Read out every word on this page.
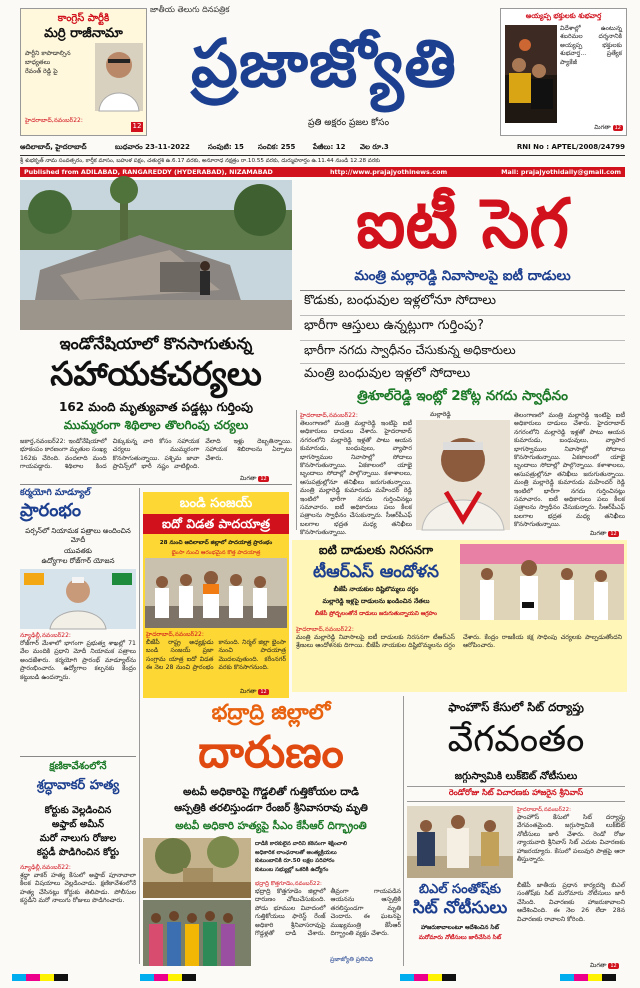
కాంగ్రెస్ పార్టీకి
మర్రి రాజీనామా
పార్టీని కాపాడాల్సిన
బాధ్యతలు
రేవంత్ రెడ్డి పై
హైదరాబాద్,నవంబర్22:
12
జాతీయ తెలుగు దినపత్రిక
ప్రజాజ్యోతి
ప్రతి అక్షరం ప్రజల కోసం
అయ్యప్ప భక్తులకు శుభవార్త
విదేశాల్లో ఉంటున్న శబరిమల దర్శనానికి అయ్యప్ప భక్తులకు శుభవార్త... ప్రత్యేక ప్యాకేజీ
మిగతా 12
ఆదిలాబాద్, హైదరాబాద్	బుధవారం 23-11-2022	సంపుటి: 15 సంచిక: 255	పేజీలు: 12 వెల రూ.3	RNI No : APTEL/2008/24799
శ్రీ శుభకృత్ నామ సంవత్సరం, కార్తీక మాసం, బహుళ పక్షం, చతుర్దశి ఉ.6.17 వరకు, అనూరాధ నక్షత్రం రా.10.55 వరకు, దుర్ముహూర్తం ఉ.11.44 నుండి 12.28 వరకు
Published from ADILABAD, RANGAREDDY (HYDERABAD), NIZAMABAD	http://www.prajajyothinews.com	Mail: prajajyothidaily@gmail.com
ఐటీ సెగ
మంత్రి మల్లారెడ్డి నివాసాలపై ఐటీ దాడులు
కొడుకు, బంధువుల ఇళ్లలోనూ సోదాలు
భారీగా ఆస్తులు ఉన్నట్లుగా గుర్తింపు?
భారీగా నగదు స్వాధీనం చేసుకున్న అధికారులు
మంత్రి బంధువుల ఇళ్లలో సోదాలు
త్రిశూల్‌రెడ్డి ఇంట్లో 2కోట్ల నగదు స్వాధీనం
ఇండోనేషియాలో కొనసాగుతున్న
సహాయకచర్యలు
162 మంది మృత్యువాత పడ్డట్లు గుర్తింపు
ముమ్మరంగా శిథిలాల తొలగింపు చర్యలు
జకార్త,నవంబర్22: ఇండోనేషియాలో భూకంపం కారణంగా మృతుల సంఖ్య 162కు చేరింది. వందలాది మంది గాయపడ్డారు. శిథిలాల కింద చిక్కుకున్న వారి కోసం సహాయక చర్యలు ముమ్మరంగా కొనసాగుతున్నాయి. పశ్చిమ జావా ప్రావిన్స్‌లో భారీ నష్టం వాటిల్లింది. వేలాది ఇళ్లు దెబ్బతిన్నాయి. సహాయక శిబిరాలను ఏర్పాటు చేశారు.
హైదరాబాద్,నవంబర్22:
తెలంగాణలో మంత్రి మల్లారెడ్డి ఇంటిపై ఐటీ అధికారులు దాడులు చేశారు. హైదరాబాద్ నగరంలోని మల్లారెడ్డి ఇళ్లతో పాటు ఆయన కుమారుడు, బంధువులు, వ్యాపార భాగస్వాముల నివాసాల్లో సోదాలు కొనసాగుతున్నాయి. ఏకకాలంలో యాభై బృందాలు సోదాల్లో పాల్గొన్నాయి. కళాశాలలు, ఆసుపత్రుల్లోనూ తనిఖీలు జరుగుతున్నాయి. మంత్రి మల్లారెడ్డి కుమారుడు మహేందర్ రెడ్డి ఇంటిలో భారీగా నగదు గుర్తించినట్లు సమాచారం. ఐటీ అధికారులు పలు కీలక పత్రాలను స్వాధీనం చేసుకున్నారు. సీఆర్‌పీఎఫ్ బలగాల భద్రత మధ్య తనిఖీలు కొనసాగుతున్నాయి.
మల్లారెడ్డి	తెలంగాణలో మంత్రి మల్లారెడ్డి ఇంటిపై ఐటీ అధికారులు దాడులు చేశారు. హైదరాబాద్ నగరంలోని మల్లారెడ్డి ఇళ్లతో పాటు ఆయన కుమారుడు, బంధువులు, వ్యాపార భాగస్వాముల నివాసాల్లో సోదాలు కొనసాగుతున్నాయి. ఏకకాలంలో యాభై బృందాలు సోదాల్లో పాల్గొన్నాయి. కళాశాలలు, ఆసుపత్రుల్లోనూ తనిఖీలు జరుగుతున్నాయి. మంత్రి మల్లారెడ్డి కుమారుడు మహేందర్ రెడ్డి ఇంటిలో భారీగా నగదు గుర్తించినట్లు సమాచారం. ఐటీ అధికారులు పలు కీలక పత్రాలను స్వాధీనం చేసుకున్నారు. సీఆర్‌పీఎఫ్ బలగాల భద్రత మధ్య తనిఖీలు కొనసాగుతున్నాయి.
కర్మయోగి మాడ్యూల్
ప్రారంభం
పర్సన్‌లో నియామక పత్రాలు అందించిన మోదీ
యువతకు
ఉద్యోగాల రోజ్‌గార్ యోజన
న్యూఢిల్లీ,నవంబర్22:
రోజ్‌గార్ మేళాలో భాగంగా ప్రభుత్వ శాఖల్లో 71 వేల మందికి ప్రధాని మోదీ నియామక పత్రాలు అందజేశారు. కర్మయోగి ప్రారంభ్ మాడ్యూల్‌ను ప్రారంభించారు. ఉద్యోగాల కల్పనకు కేంద్రం కట్టుబడి ఉందన్నారు.
క్షణికావేశంలోనే
శ్రద్ధావాకర్ హత్య
కోర్టుకు వెల్లడించిన
అఫ్తాబ్ అమీన్
మరో నాలుగు రోజుల
కస్టడీ పొడిగించిన కోర్టు
న్యూఢిల్లీ,నవంబర్22:
శ్రద్ధా వాకర్ హత్య కేసులో అఫ్తాబ్ పూనావాలా కీలక విషయాలు వెల్లడించాడు. క్షణికావేశంలోనే హత్య చేసినట్లు కోర్టుకు తెలిపాడు. పోలీసుల కస్టడీని మరో నాలుగు రోజులు పొడిగించారు.
బండి సంజయ్
ఐదో విడత పాదయాత్ర
28 నుంచి ఆదిలాబాద్ జిల్లాలో పాదయాత్ర ప్రారంభం
భైంసా నుంచి ఆరంభమైన కొత్త పాదయాత్ర
హైదరాబాద్,నవంబర్22:
బీజేపీ రాష్ట్ర అధ్యక్షుడు బండి సంజయ్ ప్రజా సంగ్రామ యాత్ర ఐదో విడత ఈ నెల 28 నుంచి ప్రారంభం కానుంది. నిర్మల్ జిల్లా భైంసా నుంచి పాదయాత్ర మొదలవుతుంది. కరీంనగర్ వరకు కొనసాగనుంది.
ఐటి దాడులకు నిరసనగా
టీఆర్ఎస్ ఆందోళన
బీజేపీ నాయకుల దిష్టిబొమ్మలు దగ్ధం
మల్లారెడ్డి ఇళ్లపై దాడులను ఖండించిన నేతలు
బీజేపీ ప్రోద్బలంతోనే దాడులు జరుగుతున్నాయని ఆగ్రహం
హైదరాబాద్,నవంబర్22:
మంత్రి మల్లారెడ్డి నివాసాలపై ఐటీ దాడులకు నిరసనగా టీఆర్ఎస్ శ్రేణులు ఆందోళనకు దిగాయి. బీజేపీ నాయకుల దిష్టిబొమ్మలను దగ్ధం చేశారు. కేంద్రం రాజకీయ కక్ష సాధింపు చర్యలకు పాల్పడుతోందని ఆరోపించారు.
భద్రాద్రి జిల్లాలో
దారుణం
అటవీ అధికారిపై గొడ్డలితో గుత్తికోయల దాడి
ఆస్పత్రికి తరలిస్తుండగా రేంజర్ శ్రీనివాసరావు మృతి
అటవీ అధికారి హత్యపై సీఎం కేసీఆర్ దిగ్భ్రాంతి
దాడికి కారకులైన వారిని కఠినంగా శిక్షించాలి
అధికారిక లాంఛనాలతో అంత్యక్రియలు
కుటుంబానికి రూ.50 లక్షల పరిహారం
కుటుంబ సభ్యుల్లో ఒకరికి ఉద్యోగం
భద్రాద్రి కొత్తగూడెం,నవంబర్22:
భద్రాద్రి కొత్తగూడెం జిల్లాలో దారుణం చోటుచేసుకుంది. పోడు భూముల వివాదంలో గుత్తికోయలు ఫారెస్ట్ రేంజ్ అధికారి శ్రీనివాసరావుపై గొడ్డళ్లతో దాడి చేశారు. తీవ్రంగా గాయపడిన ఆయనను ఆస్పత్రికి తరలిస్తుండగా మృతి చెందారు. ఈ ఘటనపై ముఖ్యమంత్రి కేసీఆర్ దిగ్భ్రాంతి వ్యక్తం చేశారు.
ప్రజాజ్యోతి ప్రతినిధి
ఫాంహౌస్ కేసులో సిట్ దర్యాప్తు
వేగవంతం
జగ్గుస్వామికి లుక్‌ఔట్ నోటీసులు
రెండోరోజు సిట్ విచారణకు హాజరైన శ్రీనివాస్
హైదరాబాద్,నవంబర్22:
ఫాంహౌస్ కేసులో సిట్ దర్యాప్తు వేగవంతమైంది. జగ్గుస్వామికి లుక్‌ఔట్ నోటీసులు జారీ చేశారు. రెండో రోజు న్యాయవాది శ్రీనివాస్ సిట్ ఎదుట విచారణకు హాజరయ్యారు. కేసులో పలువురి పాత్రపై ఆరా తీస్తున్నారు.
బిఎల్ సంతోష్‌కు
సిట్ నోటీసులు
హాజరుకావాలంటూ ఆదేశించిన సిట్
మరోమారు నోటీసులు జారీచేసిన సిట్
బీజేపీ జాతీయ ప్రధాన కార్యదర్శి బిఎల్ సంతోష్‌కు సిట్ మరోమారు నోటీసులు జారీ చేసింది. విచారణకు హాజరుకావాలని ఆదేశించింది. ఈ నెల 26 లేదా 28న విచారణకు రావాలని కోరింది.
మిగతా 12
మిగతా 12
మిగతా 12
మిగతా 12
